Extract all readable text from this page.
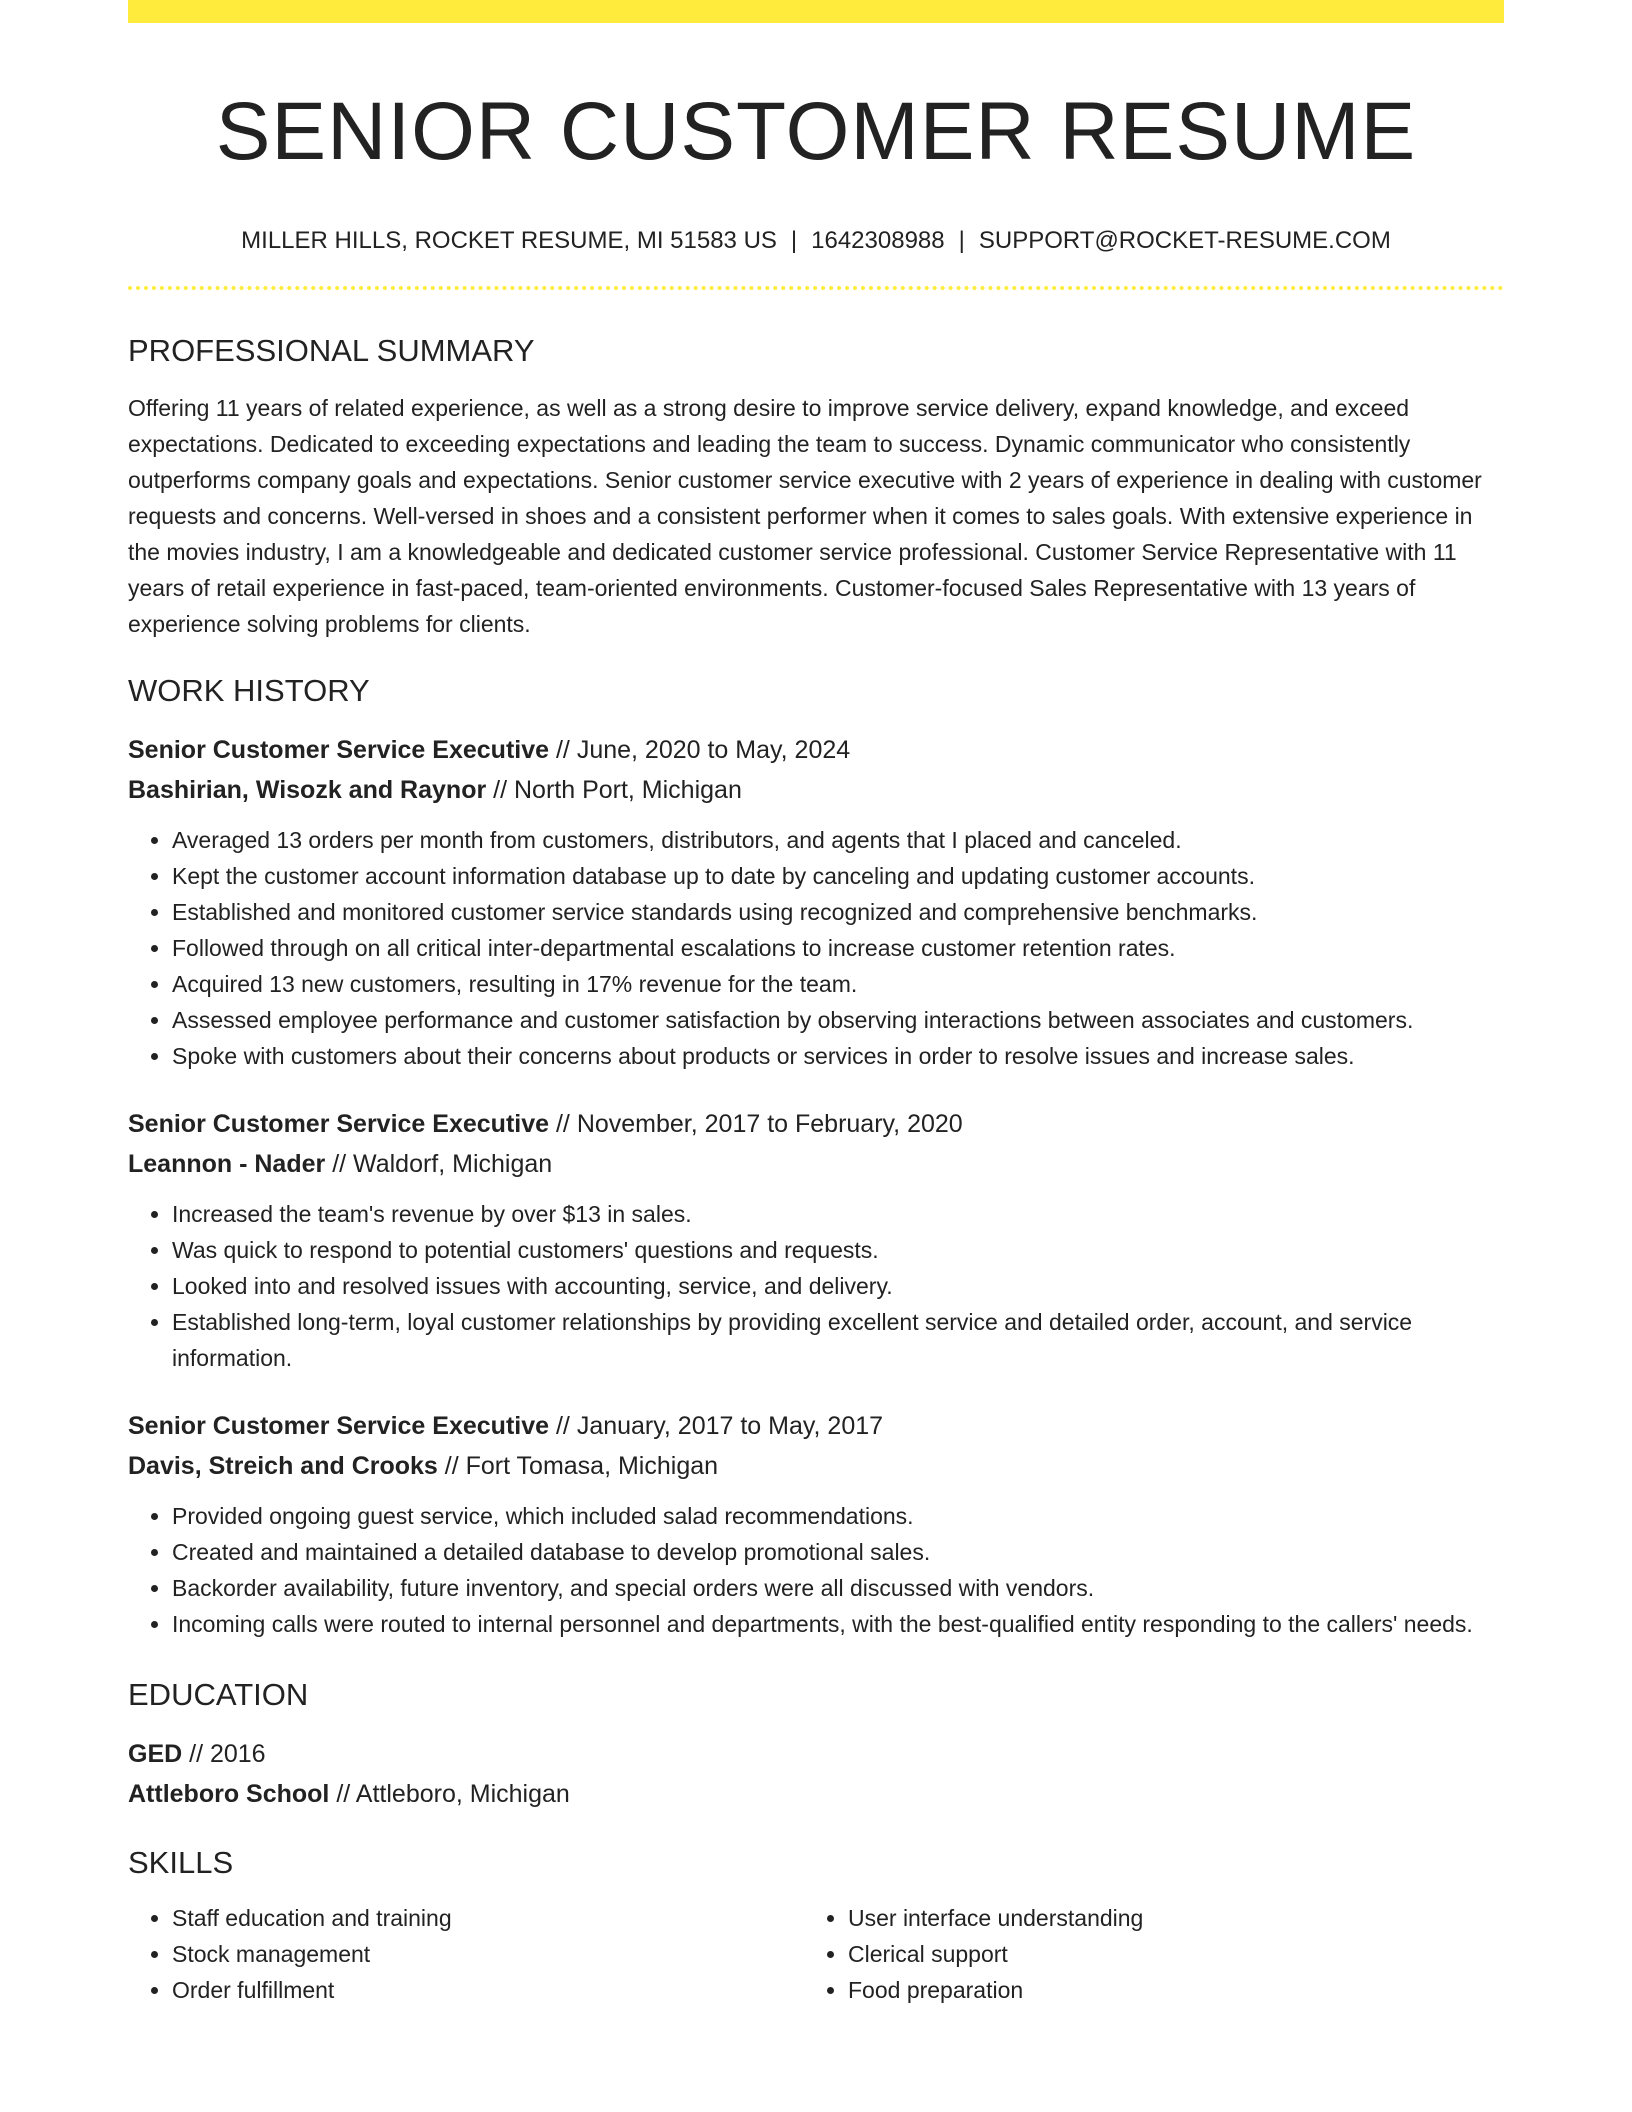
SENIOR CUSTOMER RESUME
MILLER HILLS, ROCKET RESUME, MI 51583 US | 1642308988 | SUPPORT@ROCKET-RESUME.COM
PROFESSIONAL SUMMARY
Offering 11 years of related experience, as well as a strong desire to improve service delivery, expand knowledge, and exceed expectations. Dedicated to exceeding expectations and leading the team to success. Dynamic communicator who consistently outperforms company goals and expectations. Senior customer service executive with 2 years of experience in dealing with customer requests and concerns. Well-versed in shoes and a consistent performer when it comes to sales goals. With extensive experience in the movies industry, I am a knowledgeable and dedicated customer service professional. Customer Service Representative with 11 years of retail experience in fast-paced, team-oriented environments. Customer-focused Sales Representative with 13 years of experience solving problems for clients.
WORK HISTORY
Senior Customer Service Executive // June, 2020 to May, 2024
Bashirian, Wisozk and Raynor // North Port, Michigan
• Averaged 13 orders per month from customers, distributors, and agents that I placed and canceled.
• Kept the customer account information database up to date by canceling and updating customer accounts.
• Established and monitored customer service standards using recognized and comprehensive benchmarks.
• Followed through on all critical inter-departmental escalations to increase customer retention rates.
• Acquired 13 new customers, resulting in 17% revenue for the team.
• Assessed employee performance and customer satisfaction by observing interactions between associates and customers.
• Spoke with customers about their concerns about products or services in order to resolve issues and increase sales.
Senior Customer Service Executive // November, 2017 to February, 2020
Leannon - Nader // Waldorf, Michigan
• Increased the team's revenue by over $13 in sales.
• Was quick to respond to potential customers' questions and requests.
• Looked into and resolved issues with accounting, service, and delivery.
• Established long-term, loyal customer relationships by providing excellent service and detailed order, account, and service information.
Senior Customer Service Executive // January, 2017 to May, 2017
Davis, Streich and Crooks // Fort Tomasa, Michigan
• Provided ongoing guest service, which included salad recommendations.
• Created and maintained a detailed database to develop promotional sales.
• Backorder availability, future inventory, and special orders were all discussed with vendors.
• Incoming calls were routed to internal personnel and departments, with the best-qualified entity responding to the callers' needs.
EDUCATION
GED // 2016
Attleboro School // Attleboro, Michigan
SKILLS
• Staff education and training
• Stock management
• Order fulfillment
• User interface understanding
• Clerical support
• Food preparation
